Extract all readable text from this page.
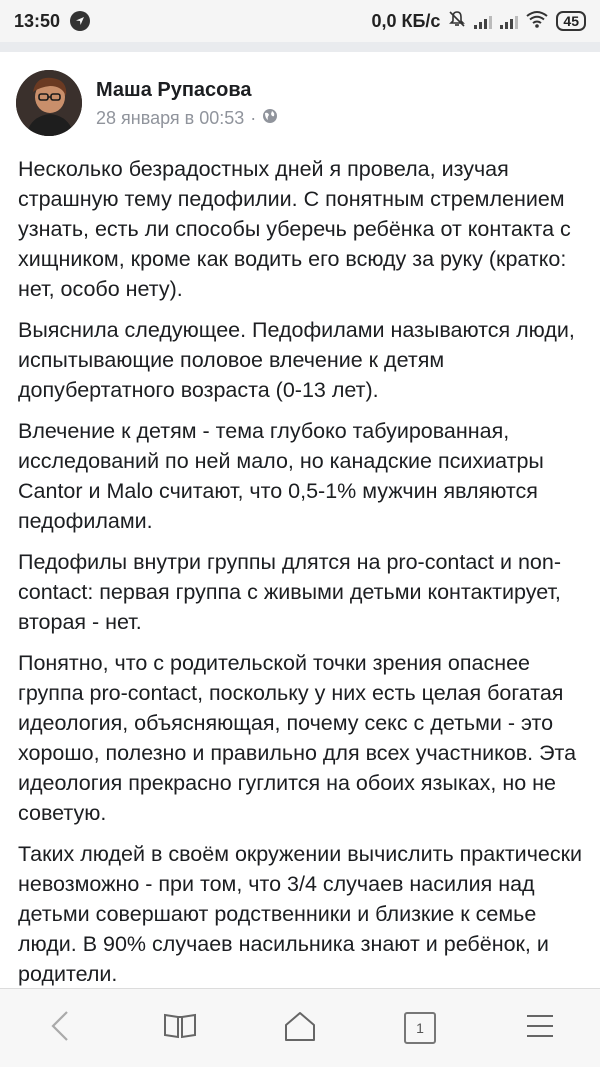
13:50	0,0 КБ/с	45
Маша Рупасова
28 января в 00:53 ·

Несколько безрадостных дней я провела, изучая страшную тему педофилии. С понятным стремлением узнать, есть ли способы уберечь ребёнка от контакта с хищником, кроме как водить его всюду за руку (кратко: нет, особо нету).

Выяснила следующее. Педофилами называются люди, испытывающие половое влечение к детям допубертатного возраста (0-13 лет).

Влечение к детям - тема глубоко табуированная, исследований по ней мало, но канадские психиатры Cantor и Malo считают, что 0,5-1% мужчин являются педофилами.

Педофилы внутри группы длятся на pro-contact и non-contact: первая группа с живыми детьми контактирует, вторая - нет.

Понятно, что с родительской точки зрения опаснее группа pro-contact, поскольку у них есть целая богатая идеология, объясняющая, почему секс с детьми - это хорошо, полезно и правильно для всех участников. Эта идеология прекрасно гуглится на обоих языках, но не советую.

Таких людей в своём окружении вычислить практически невозможно - при том, что 3/4 случаев насилия над детьми совершают родственники и близкие к семье люди. В 90% случаев насильника знают и ребёнок, и родители.

1
